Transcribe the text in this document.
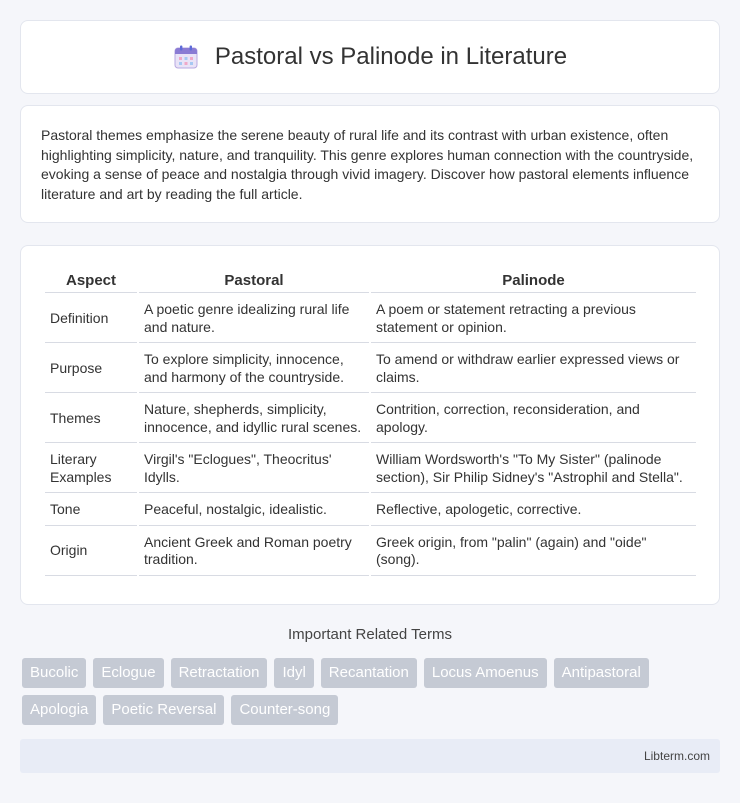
Pastoral vs Palinode in Literature

Pastoral themes emphasize the serene beauty of rural life and its contrast with urban existence, often highlighting simplicity, nature, and tranquility. This genre explores human connection with the countryside, evoking a sense of peace and nostalgia through vivid imagery. Discover how pastoral elements influence literature and art by reading the full article.

Aspect	Pastoral	Palinode
Definition	A poetic genre idealizing rural life and nature.	A poem or statement retracting a previous statement or opinion.
Purpose	To explore simplicity, innocence, and harmony of the countryside.	To amend or withdraw earlier expressed views or claims.
Themes	Nature, shepherds, simplicity, innocence, and idyllic rural scenes.	Contrition, correction, reconsideration, and apology.
Literary Examples	Virgil's "Eclogues", Theocritus' Idylls.	William Wordsworth's "To My Sister" (palinode section), Sir Philip Sidney's "Astrophil and Stella".
Tone	Peaceful, nostalgic, idealistic.	Reflective, apologetic, corrective.
Origin	Ancient Greek and Roman poetry tradition.	Greek origin, from "palin" (again) and "oide" (song).
Important Related Terms
Bucolic	Eclogue	Retractation	Idyl	Recantation	Locus Amoenus	Antipastoral
Apologia	Poetic Reversal	Counter-song
Libterm.com
